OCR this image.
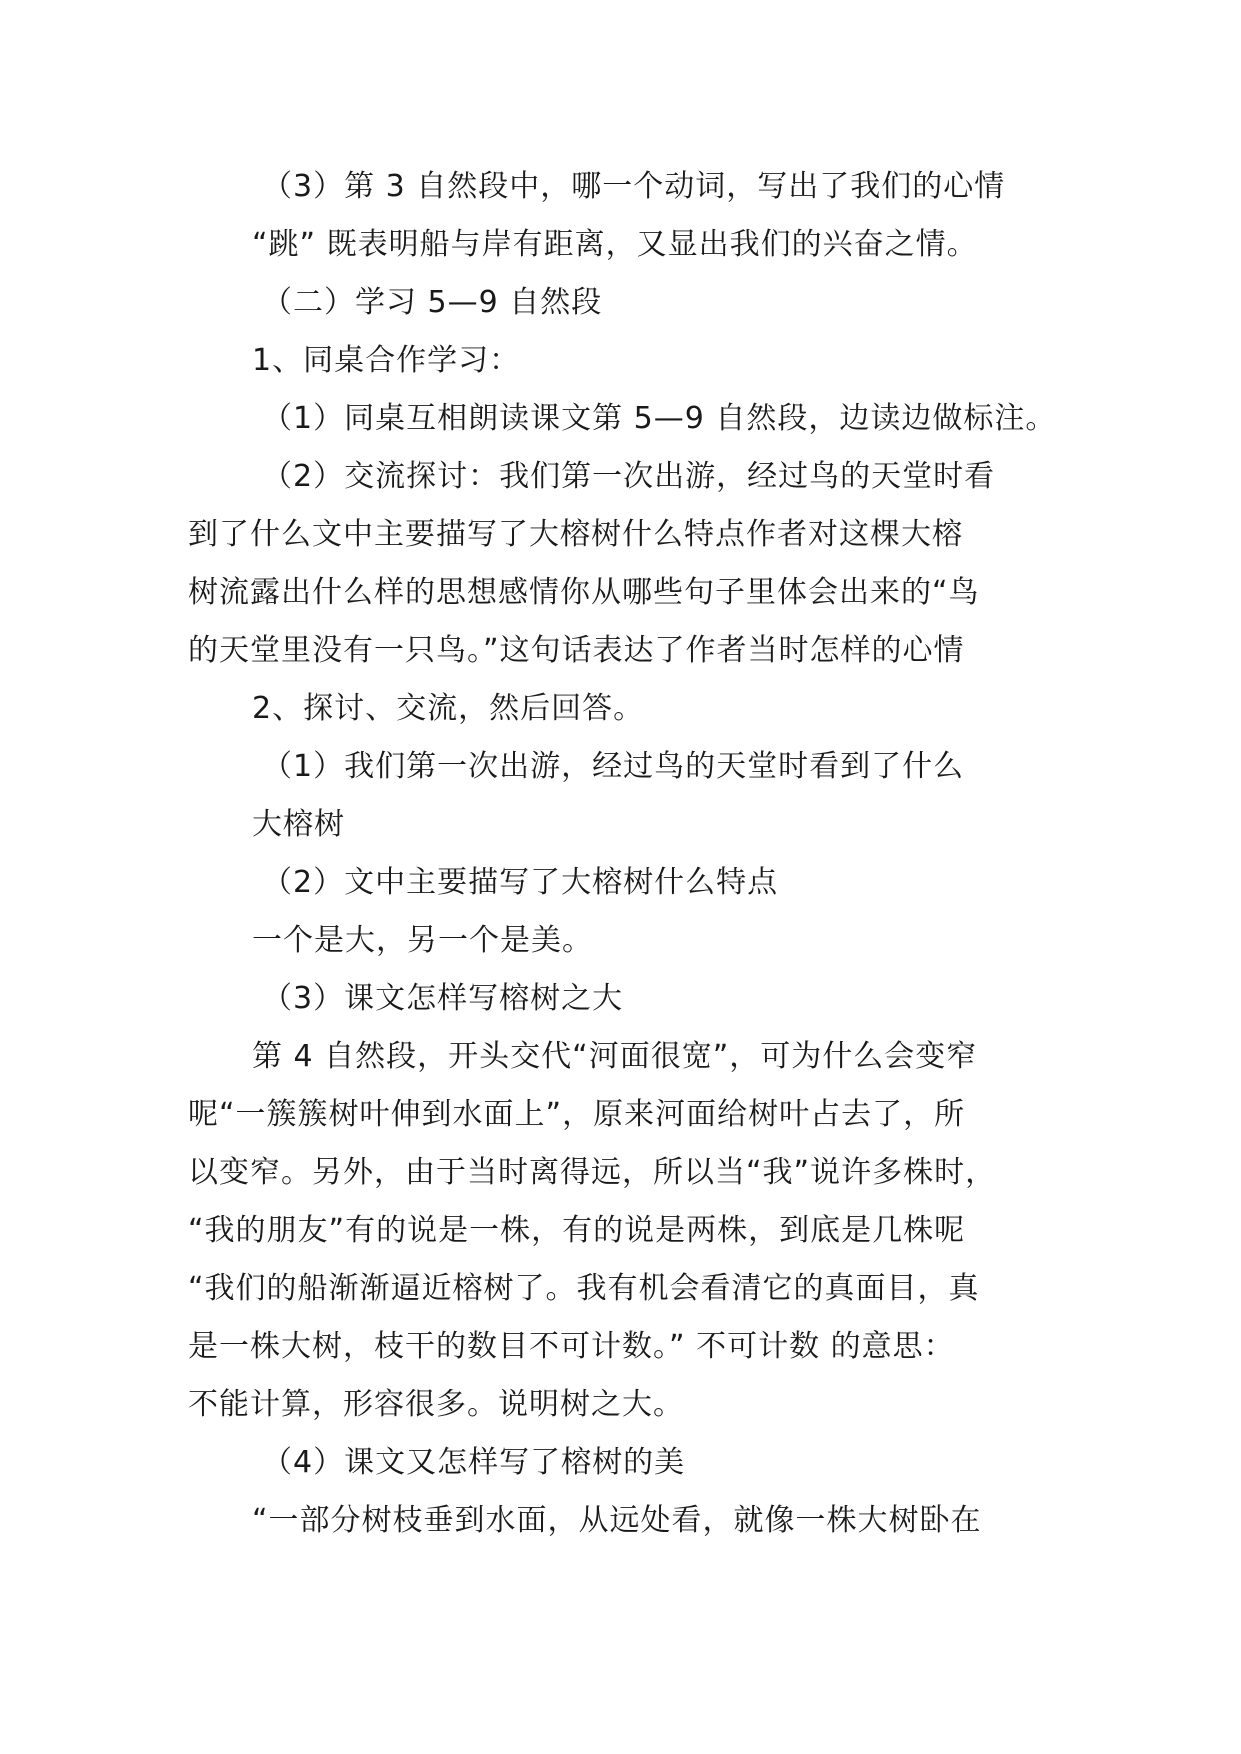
（3）第 3 自然段中，哪一个动词，写出了我们的心情
“跳” 既表明船与岸有距离，又显出我们的兴奋之情。
（二）学习 5—9 自然段
1、同桌合作学习：
（1）同桌互相朗读课文第 5—9 自然段，边读边做标注。
（2）交流探讨：我们第一次出游，经过鸟的天堂时看
到了什么文中主要描写了大榕树什么特点作者对这棵大榕
树流露出什么样的思想感情你从哪些句子里体会出来的“鸟
的天堂里没有一只鸟。”这句话表达了作者当时怎样的心情
2、探讨、交流，然后回答。
（1）我们第一次出游，经过鸟的天堂时看到了什么
大榕树
（2）文中主要描写了大榕树什么特点
一个是大，另一个是美。
（3）课文怎样写榕树之大
第 4 自然段，开头交代“河面很宽”，可为什么会变窄
呢“一簇簇树叶伸到水面上”，原来河面给树叶占去了，所
以变窄。另外，由于当时离得远，所以当“我”说许多株时，
“我的朋友”有的说是一株，有的说是两株，到底是几株呢
“我们的船渐渐逼近榕树了。我有机会看清它的真面目，真
是一株大树，枝干的数目不可计数。” 不可计数 的意思：
不能计算，形容很多。说明树之大。
（4）课文又怎样写了榕树的美
“一部分树枝垂到水面，从远处看，就像一株大树卧在
